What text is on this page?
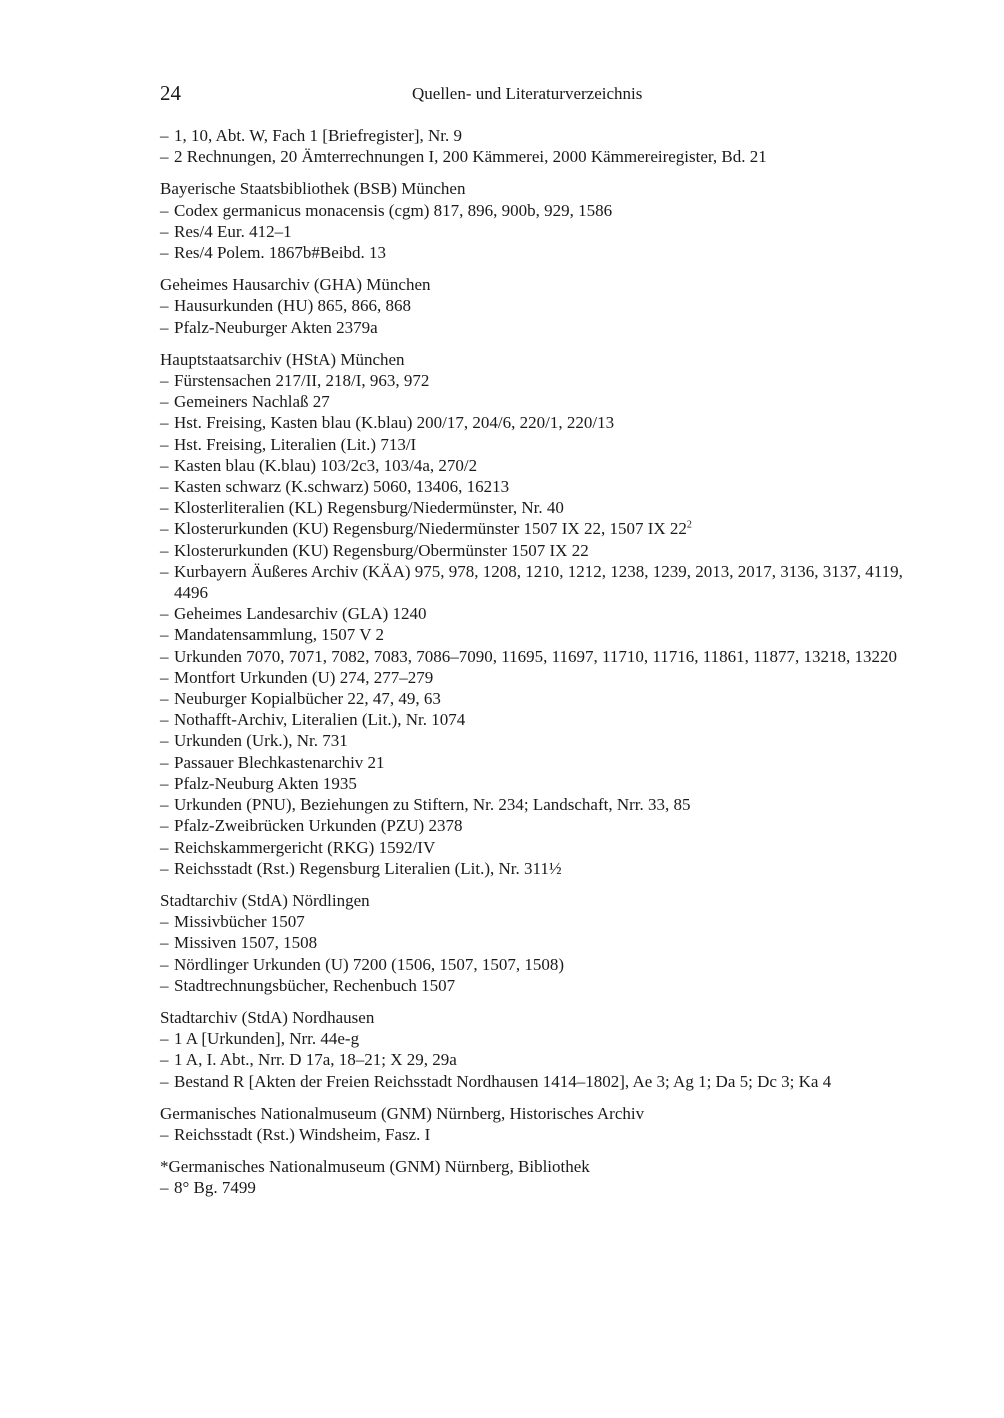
24	Quellen- und Literaturverzeichnis
– 1, 10, Abt. W, Fach 1 [Briefregister], Nr. 9
– 2 Rechnungen, 20 Ämterrechnungen I, 200 Kämmerei, 2000 Kämmereiregister, Bd. 21
Bayerische Staatsbibliothek (BSB) München
– Codex germanicus monacensis (cgm) 817, 896, 900b, 929, 1586
– Res/4 Eur. 412–1
– Res/4 Polem. 1867b#Beibd. 13
Geheimes Hausarchiv (GHA) München
– Hausurkunden (HU) 865, 866, 868
– Pfalz-Neuburger Akten 2379a
Hauptstaatsarchiv (HStA) München
– Fürstensachen 217/II, 218/I, 963, 972
– Gemeiners Nachlaß 27
– Hst. Freising, Kasten blau (K.blau) 200/17, 204/6, 220/1, 220/13
– Hst. Freising, Literalien (Lit.) 713/I
– Kasten blau (K.blau) 103/2c3, 103/4a, 270/2
– Kasten schwarz (K.schwarz) 5060, 13406, 16213
– Klosterliteralien (KL) Regensburg/Niedermünster, Nr. 40
– Klosterurkunden (KU) Regensburg/Niedermünster 1507 IX 22, 1507 IX $22^2$
– Klosterurkunden (KU) Regensburg/Obermünster 1507 IX 22
– Kurbayern Äußeres Archiv (KÄA) 975, 978, 1208, 1210, 1212, 1238, 1239, 2013, 2017, 3136, 3137, 4119, 4496
– Geheimes Landesarchiv (GLA) 1240
– Mandatensammlung, 1507 V 2
– Urkunden 7070, 7071, 7082, 7083, 7086–7090, 11695, 11697, 11710, 11716, 11861, 11877, 13218, 13220
– Montfort Urkunden (U) 274, 277–279
– Neuburger Kopialbücher 22, 47, 49, 63
– Nothafft-Archiv, Literalien (Lit.), Nr. 1074
– Urkunden (Urk.), Nr. 731
– Passauer Blechkastenarchiv 21
– Pfalz-Neuburg Akten 1935
– Urkunden (PNU), Beziehungen zu Stiftern, Nr. 234; Landschaft, Nrr. 33, 85
– Pfalz-Zweibrücken Urkunden (PZU) 2378
– Reichskammergericht (RKG) 1592/IV
– Reichsstadt (Rst.) Regensburg Literalien (Lit.), Nr. 311½
Stadtarchiv (StdA) Nördlingen
– Missivbücher 1507
– Missiven 1507, 1508
– Nördlinger Urkunden (U) 7200 (1506, 1507, 1507, 1508)
– Stadtrechnungsbücher, Rechenbuch 1507
Stadtarchiv (StdA) Nordhausen
– 1 A [Urkunden], Nrr. 44e-g
– 1 A, I. Abt., Nrr. D 17a, 18–21; X 29, 29a
– Bestand R [Akten der Freien Reichsstadt Nordhausen 1414–1802], Ae 3; Ag 1; Da 5; Dc 3; Ka 4
Germanisches Nationalmuseum (GNM) Nürnberg, Historisches Archiv
– Reichsstadt (Rst.) Windsheim, Fasz. I
*Germanisches Nationalmuseum (GNM) Nürnberg, Bibliothek
– 8° Bg. 7499
